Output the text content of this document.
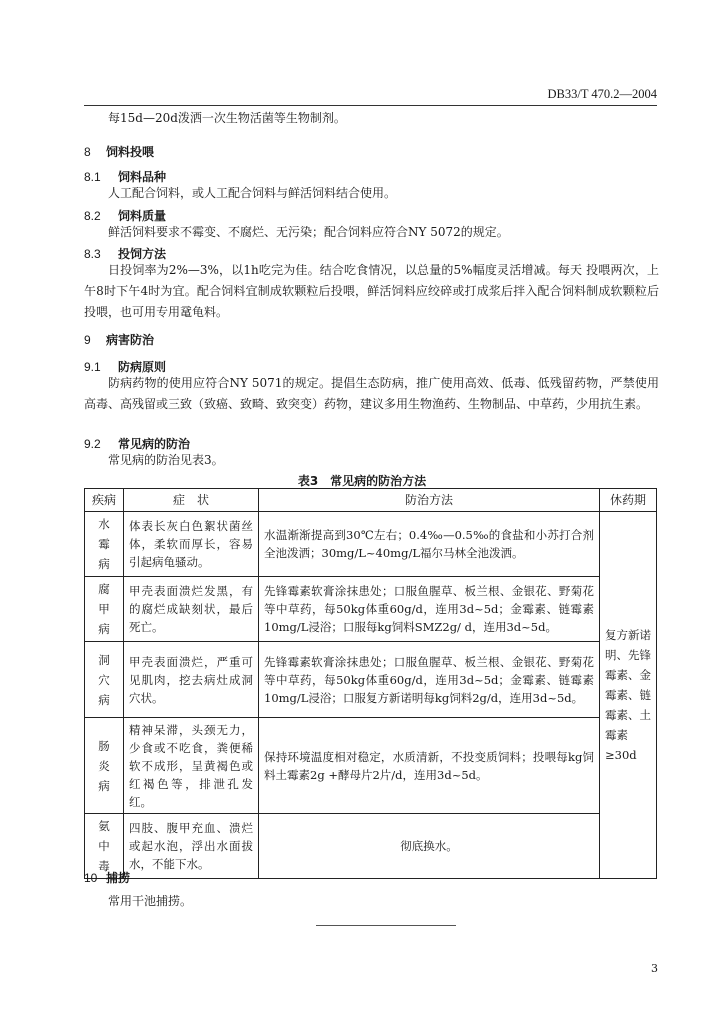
DB33/T 470.2—2004
每15d—20d泼洒一次生物活菌等生物制剂。
8 饲料投喂
8.1 饲料品种
人工配合饲料，或人工配合饲料与鲜活饲料结合使用。
8.2 饲料质量
鲜活饲料要求不霉变、不腐烂、无污染；配合饲料应符合NY 5072的规定。
8.3 投饲方法
日投饲率为2%—3%，以1h吃完为佳。结合吃食情况，以总量的5%幅度灵活增减。每天 投喂两次，上午8时下午4时为宜。配合饲料宜制成软颗粒后投喂，鲜活饲料应绞碎或打成浆后拌入配合饲料制成软颗粒后投喂，也可用专用鼋龟料。
9 病害防治
9.1 防病原则
防病药物的使用应符合NY 5071的规定。提倡生态防病，推广使用高效、低毒、低残留药物，严禁使用高毒、高残留或三致（致癌、致畸、致突变）药物，建议多用生物渔药、生物制品、中草药，少用抗生素。
9.2 常见病的防治
常见病的防治见表3。
表3　常见病的防治方法
疾病	症　状	防治方法	休药期

水
霉
病	体表长灰白色絮状菌丝体，柔软而厚长，容易引起病龟骚动。	水温渐渐提高到30℃左右；0.4‰—0.5‰的食盐和小苏打合剂全池泼洒；30mg/L~40mg/L福尔马林全池泼洒。	复方新诺明、先锋霉素、金霉素、链　霉素、土霉素≥30d

腐
甲
病	甲壳表面溃烂发黑，有的腐烂成缺刻状，最后死亡。	先锋霉素软膏涂抹患处；口服鱼腥草、板兰根、金银花、野菊花等中草药，每50kg体重60g/d，连用3d~5d；金霉素、链霉素10mg/L浸浴；口服每kg饲料SMZ2g/ d，连用3d~5d。	

洞
穴
病	甲壳表面溃烂，严重可见肌肉，挖去病灶成洞穴状。	先锋霉素软膏涂抹患处；口服鱼腥草、板兰根、金银花、野菊花等中草药，每50kg体重60g/d，连用3d~5d；金霉素、链霉素10mg/L浸浴；口服复方新诺明每kg饲料2g/d，连用3d~5d。	

肠
炎
病	精神呆滞，头颈无力，少食或不吃食，粪便稀软不成形，呈黄褐色或红褐色等，排泄孔发红。	保持环境温度相对稳定，水质清新，不投变质饲料；投喂每kg饲料土霉素2g +酵母片2片/d，连用3d~5d。	

氨
中
毒	四肢、腹甲充血、溃烂或起水泡，浮出水面拔水，不能下水。	彻底换水。	
10 捕捞
常用干池捕捞。
3
